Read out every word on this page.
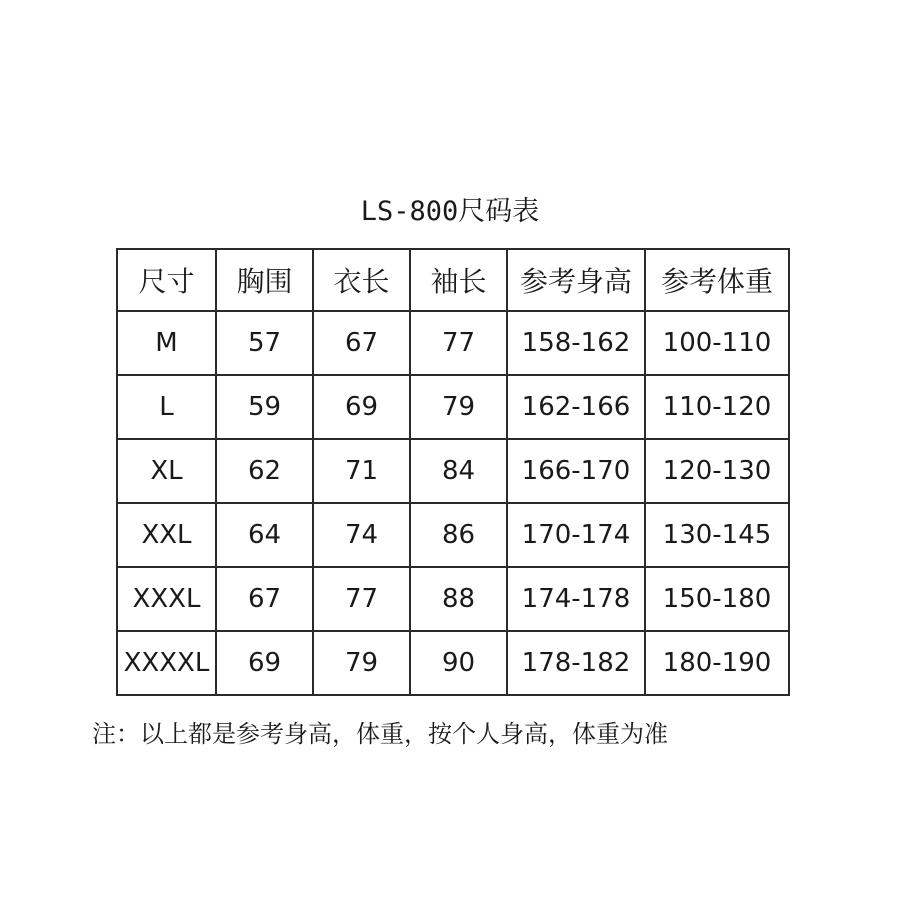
LS-800尺码表
尺寸	胸围	衣长	袖长	参考身高	参考体重
M	57	67	77	158-162	100-110
L	59	69	79	162-166	110-120
XL	62	71	84	166-170	120-130
XXL	64	74	86	170-174	130-145
XXXL	67	77	88	174-178	150-180
XXXXL	69	79	90	178-182	180-190
注：以上都是参考身高，体重，按个人身高，体重为准
